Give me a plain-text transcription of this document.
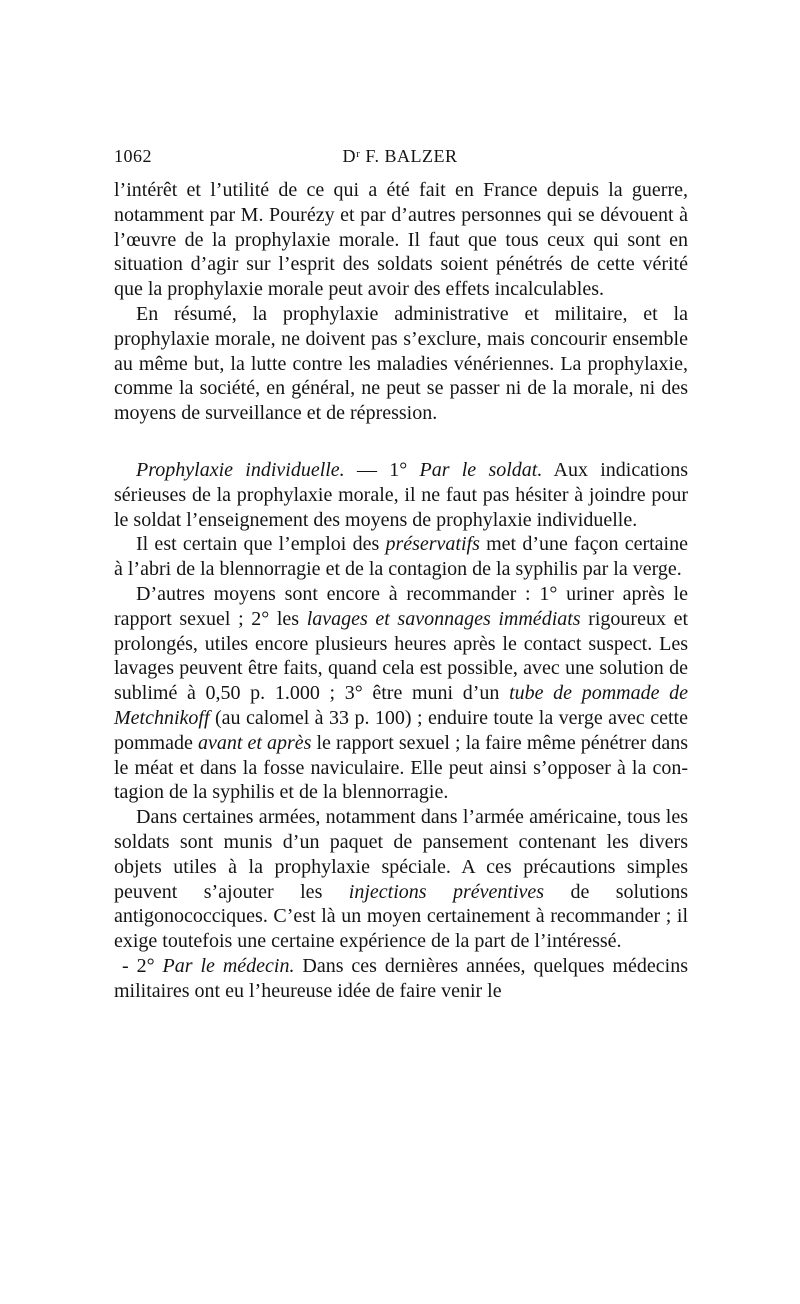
1062	Dʳ F. BALZER

l’intérêt et l’utilité de ce qui a été fait en France depuis la guerre, notamment par M. Pourézy et par d’autres personnes qui se dévouent à l’œuvre de la prophylaxie morale. Il faut que tous ceux qui sont en situation d’agir sur l’esprit des soldats soient pénétrés de cette vérité que la prophylaxie morale peut avoir des effets incalculables.

En résumé, la prophylaxie administrative et militaire, et la prophylaxie morale, ne doivent pas s’exclure, mais concourir ensemble au même but, la lutte contre les maladies vénériennes. La prophylaxie, comme la société, en général, ne peut se passer ni de la morale, ni des moyens de surveillance et de répression.

Prophylaxie individuelle. — 1° Par le soldat. Aux indications sérieuses de la prophylaxie morale, il ne faut pas hésiter à joindre pour le soldat l’enseignement des moyens de prophylaxie individuelle.

Il est certain que l’emploi des préservatifs met d’une façon certaine à l’abri de la blennorragie et de la contagion de la syphilis par la verge.

D’autres moyens sont encore à recommander : 1° uriner après le rapport sexuel ; 2° les lavages et savonnages immédiats rigoureux et prolongés, utiles encore plusieurs heures après le contact suspect. Les lavages peuvent être faits, quand cela est possible, avec une solution de sublimé à 0,50 p. 1.000 ; 3° être muni d’un tube de pommade de Metchnikoff (au calomel à 33 p. 100) ; enduire toute la verge avec cette pommade avant et après le rapport sexuel ; la faire même pénétrer dans le méat et dans la fosse naviculaire. Elle peut ainsi s’opposer à la contagion de la syphilis et de la blennorragie.

Dans certaines armées, notamment dans l’armée américaine, tous les soldats sont munis d’un paquet de pansement contenant les divers objets utiles à la prophylaxie spéciale. A ces précautions simples peuvent s’ajouter les injections préventives de solutions antigonococciques. C’est là un moyen certainement à recommander ; il exige toutefois une certaine expérience de la part de l’intéressé.

- 2° Par le médecin. Dans ces dernières années, quelques médecins militaires ont eu l’heureuse idée de faire venir le
